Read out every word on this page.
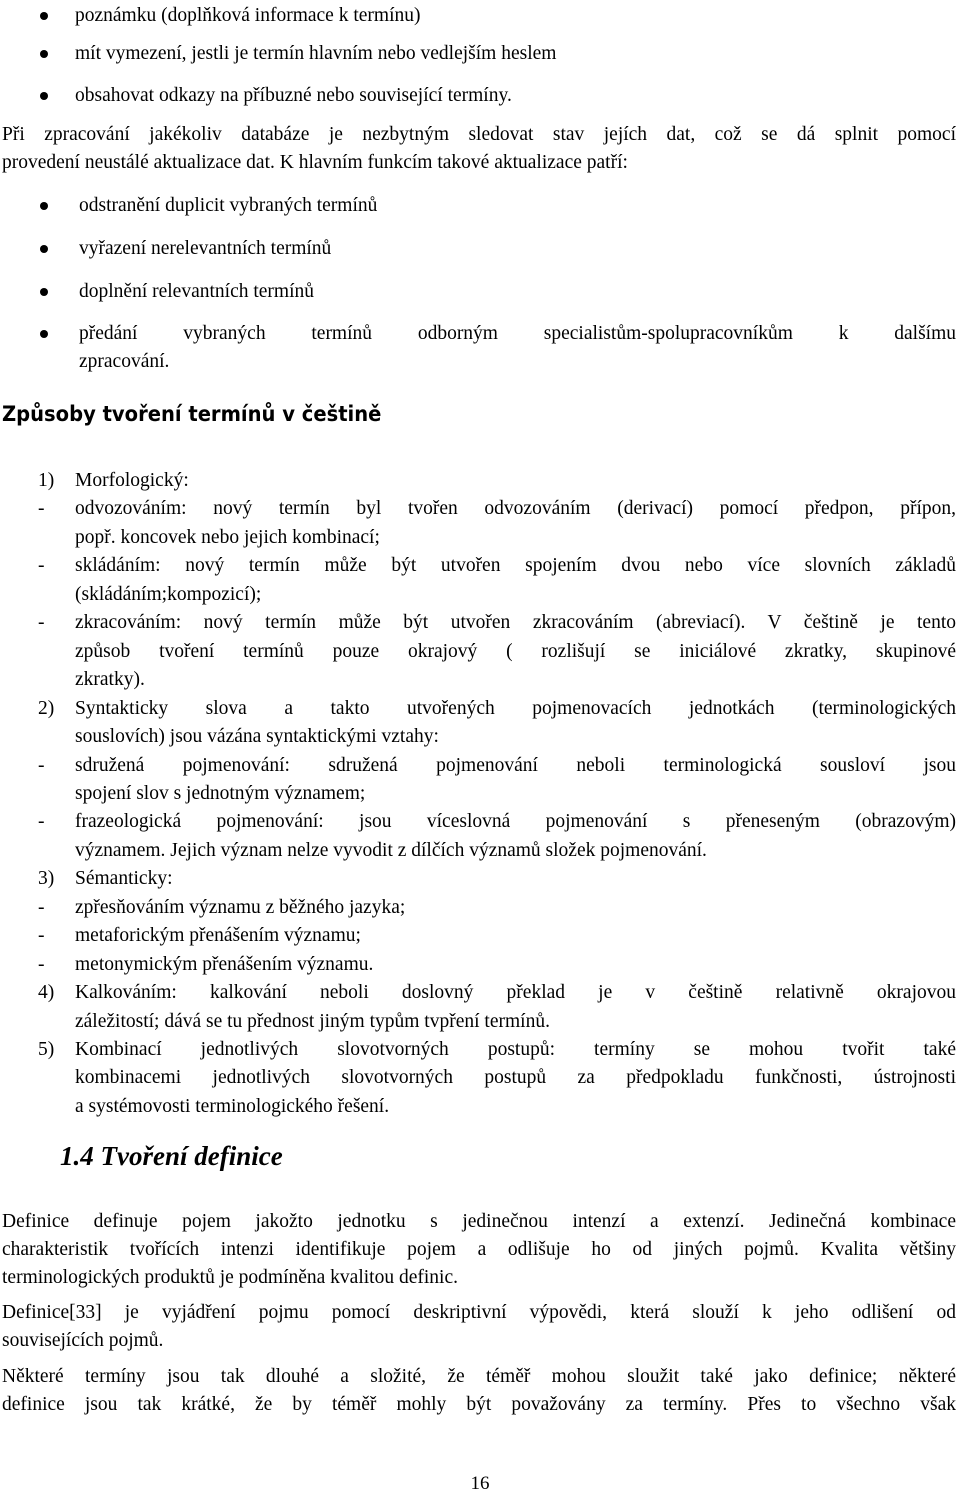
poznámku (doplňková informace k termínu)
mít vymezení, jestli je termín hlavním nebo vedlejším heslem
obsahovat odkazy na příbuzné nebo související termíny.
Při zpracování jakékoliv databáze je nezbytným sledovat stav jejích dat, což se dá splnit pomocí
provedení neustálé aktualizace dat. K hlavním funkcím takové aktualizace patří:
odstranění duplicit vybraných termínů
vyřazení nerelevantních termínů
doplnění relevantních termínů
předání vybraných termínů odborným specialistům-spolupracovníkům k dalšímu
zpracování.
Způsoby tvoření termínů v češtině
1) Morfologický:
- odvozováním: nový termín byl tvořen odvozováním (derivací) pomocí předpon, přípon,
popř. koncovek nebo jejich kombinací;
- skládáním: nový termín může být utvořen spojením dvou nebo více slovních základů
(skládáním;kompozicí);
- zkracováním: nový termín může být utvořen zkracováním (abreviací). V češtině je tento
způsob tvoření termínů pouze okrajový ( rozlišují se iniciálové zkratky, skupinové
zkratky).
2) Syntakticky slova a takto utvořených pojmenovacích jednotkách (terminologických
souslovích) jsou vázána syntaktickými vztahy:
- sdružená pojmenování: sdružená pojmenování neboli terminologická sousloví jsou
spojení slov s jednotným významem;
- frazeologická pojmenování: jsou víceslovná pojmenování s přeneseným (obrazovým)
významem. Jejich význam nelze vyvodit z dílčích významů složek pojmenování.
3) Sémanticky:
- zpřesňováním významu z běžného jazyka;
- metaforickým přenášením významu;
- metonymickým přenášením významu.
4) Kalkováním: kalkování neboli doslovný překlad je v češtině relativně okrajovou
záležitostí; dává se tu přednost jiným typům tvpření termínů.
5) Kombinací jednotlivých slovotvorných postupů: termíny se mohou tvořit také
kombinacemi jednotlivých slovotvorných postupů za předpokladu funkčnosti, ústrojnosti
a systémovosti terminologického řešení.
1.4 Tvoření definice
Definice definuje pojem jakožto jednotku s jedinečnou intenzí a extenzí. Jedinečná kombinace
charakteristik tvořících intenzi identifikuje pojem a odlišuje ho od jiných pojmů. Kvalita většiny
terminologických produktů je podmíněna kvalitou definic.
Definice[33] je vyjádření pojmu pomocí deskriptivní výpovědi, která slouží k jeho odlišení od
souvisejících pojmů.
Některé termíny jsou tak dlouhé a složité, že téměř mohou sloužit také jako definice; některé
definice jsou tak krátké, že by téměř mohly být považovány za termíny. Přes to všechno však
16
